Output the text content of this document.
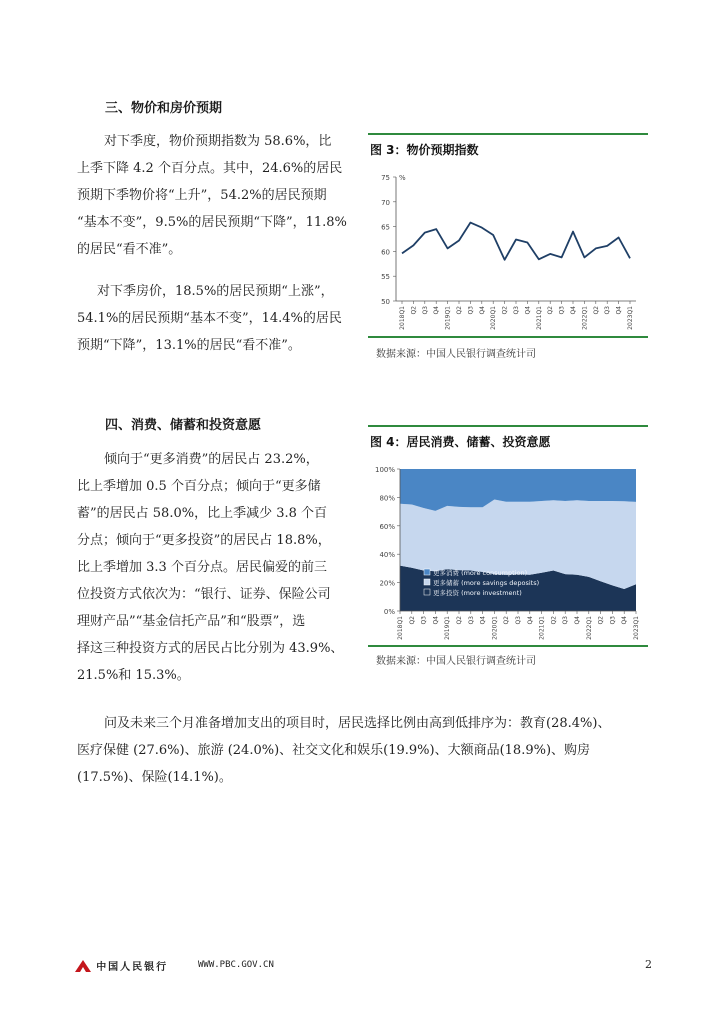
三、物价和房价预期

对下季度，物价预期指数为 58.6%，比

上季下降 4.2 个百分点。其中，24.6%的居民

预期下季物价将“上升”，54.2%的居民预期

“基本不变”，9.5%的居民预期“下降”，11.8%

的居民“看不准”。

对下季房价，18.5%的居民预期“上涨”，

54.1%的居民预期“基本不变”，14.4%的居民

预期“下降”，13.1%的居民“看不准”。

图 3：物价预期指数
75
70
65
60
55
50
%
2018Q1 Q2 Q3 Q4 2019Q1 Q2 Q3 Q4 2020Q1 Q2 Q3 Q4 2021Q1 Q2 Q3 Q4 2022Q1 Q2 Q3 Q4 2023Q1
数据来源：中国人民银行调查统计司
四、消费、储蓄和投资意愿

倾向于“更多消费”的居民占 23.2%，

比上季增加 0.5 个百分点；倾向于“更多储

蓄”的居民占 58.0%，比上季减少 3.8 个百

分点；倾向于“更多投资”的居民占 18.8%，

比上季增加 3.3 个百分点。居民偏爱的前三

位投资方式依次为：“银行、证券、保险公司

理财产品”“基金信托产品”和“股票”，选

择这三种投资方式的居民占比分别为 43.9%、

21.5%和 15.3%。

图 4：居民消费、储蓄、投资意愿
100%
80%
60%
40%
20%
0%
2018Q1 Q2 Q3 Q4 2019Q1 Q2 Q3 Q4 2020Q1 Q2 Q3 Q4 2021Q1 Q2 Q3 Q4 2022Q1 Q2 Q3 Q4 2023Q1
更多消费 (more consumption)
更多储蓄 (more savings deposits)
更多投资 (more investment)
数据来源：中国人民银行调查统计司

问及未来三个月准备增加支出的项目时，居民选择比例由高到低排序为：教育(28.4%)、

医疗保健 (27.6%)、旅游 (24.0%)、社交文化和娱乐(19.9%)、大额商品(18.9%)、购房

(17.5%)、保险(14.1%)。

中国人民银行	WWW.PBC.GOV.CN	2
